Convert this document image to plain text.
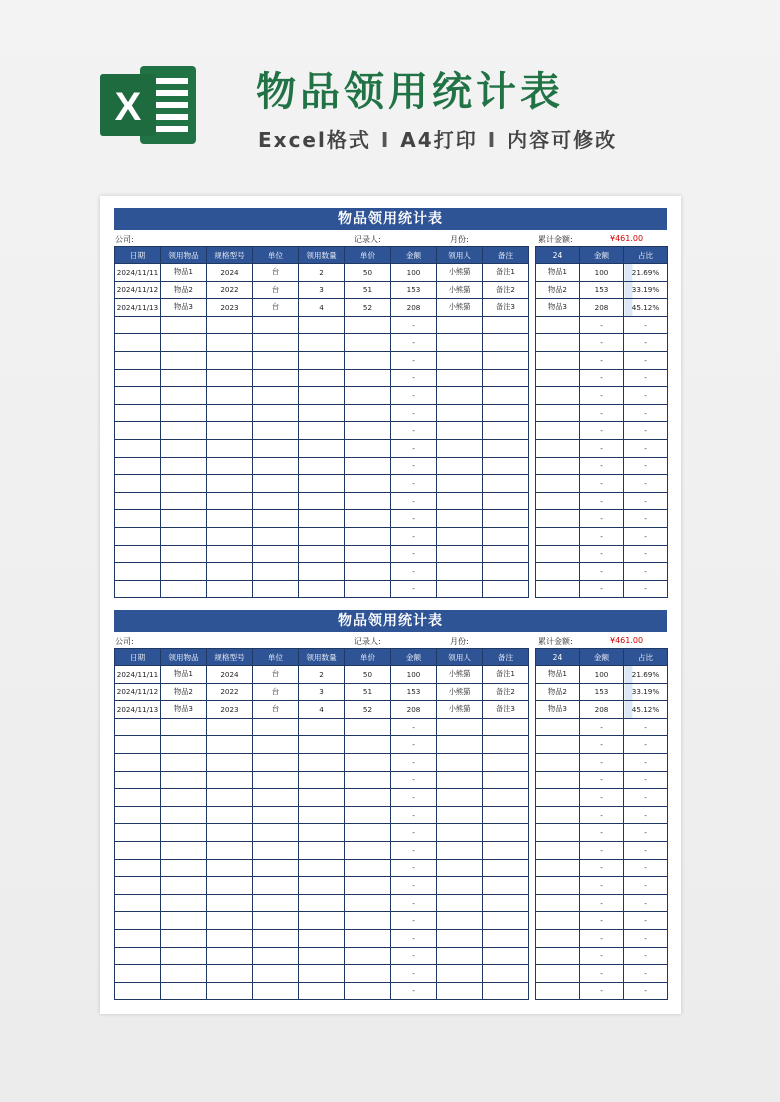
X	物品领用统计表
Excel格式 I A4打印 I 内容可修改
物品领用统计表
公司:	记录人:	月份:	累计金额:	¥461.00
日期	领用物品	规格型号	单位	领用数量	单价	金额	领用人	备注
2024/11/11	物品1	2024	台	2	50	100	小熊猫	备注1
2024/11/12	物品2	2022	台	3	51	153	小熊猫	备注2
2024/11/13	物品3	2023	台	4	52	208	小熊猫	备注3
						-		
						-		
						-		
						-		
						-		
						-		
						-		
						-		
						-		
						-		
						-		
						-		
						-		
						-		
						-		
						-		
24	金额	占比
物品1	100	21.69%
物品2	153	33.19%
物品3	208	45.12%
	-	-
	-	-
	-	-
	-	-
	-	-
	-	-
	-	-
	-	-
	-	-
	-	-
	-	-
	-	-
	-	-
	-	-
	-	-
	-	-
物品领用统计表
公司:	记录人:	月份:	累计金额:	¥461.00
日期	领用物品	规格型号	单位	领用数量	单价	金额	领用人	备注
2024/11/11	物品1	2024	台	2	50	100	小熊猫	备注1
2024/11/12	物品2	2022	台	3	51	153	小熊猫	备注2
2024/11/13	物品3	2023	台	4	52	208	小熊猫	备注3
						-		
						-		
						-		
						-		
						-		
						-		
						-		
						-		
						-		
						-		
						-		
						-		
						-		
						-		
						-		
						-		
24	金额	占比
物品1	100	21.69%
物品2	153	33.19%
物品3	208	45.12%
	-	-
	-	-
	-	-
	-	-
	-	-
	-	-
	-	-
	-	-
	-	-
	-	-
	-	-
	-	-
	-	-
	-	-
	-	-
	-	-
